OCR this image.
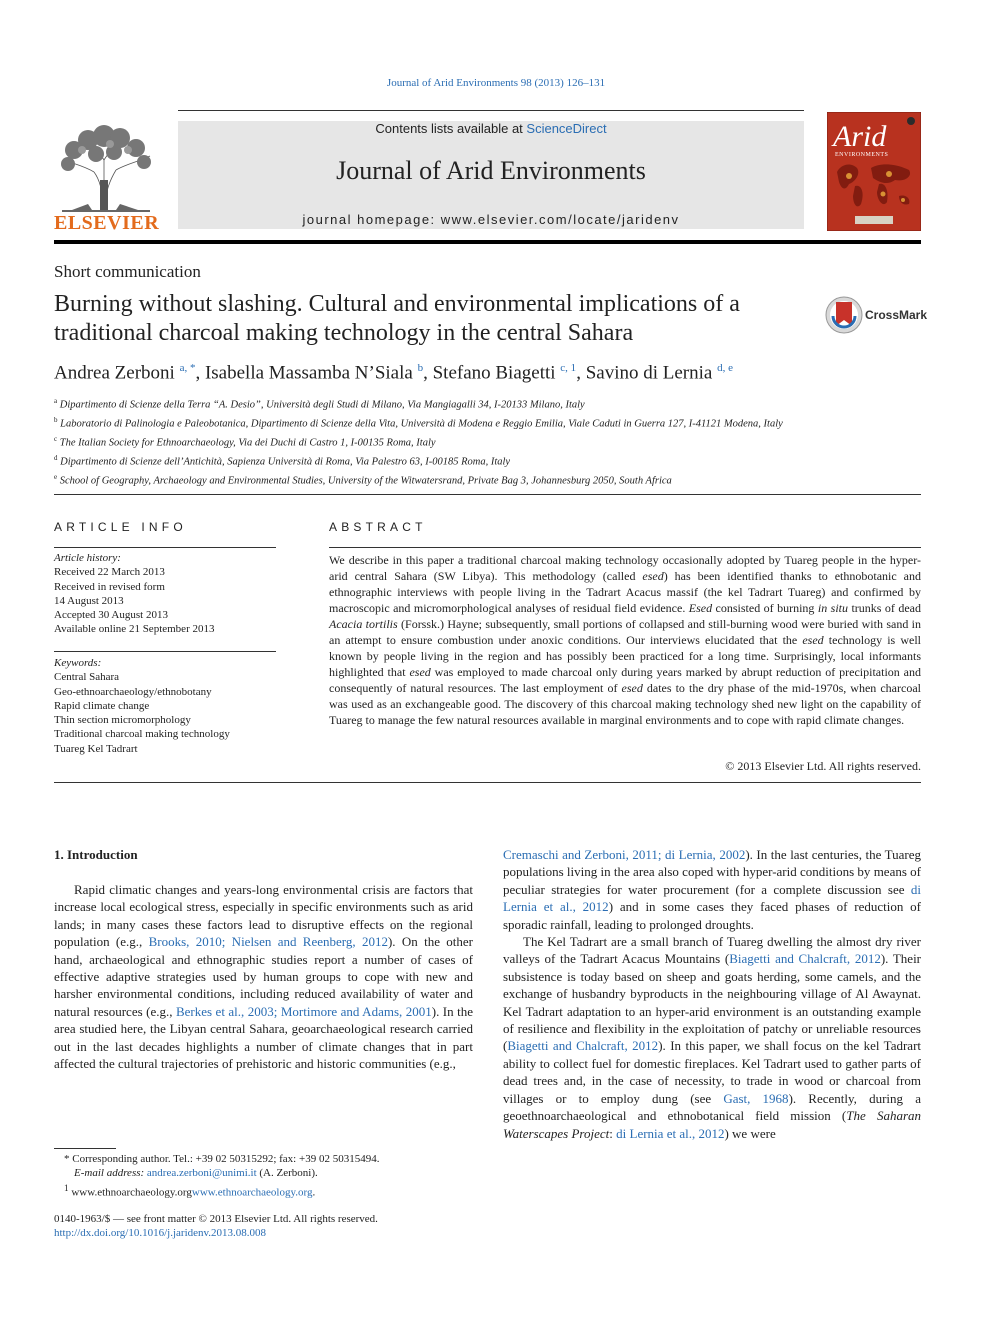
Journal of Arid Environments 98 (2013) 126–131
ELSEVIER
Contents lists available at ScienceDirect
Journal of Arid Environments
journal homepage: www.elsevier.com/locate/jaridenv
Arid
ENVIRONMENTS
Short communication
Burning without slashing. Cultural and environmental implications of a traditional charcoal making technology in the central Sahara
CrossMark
Andrea Zerboni $^{a, *}$, Isabella Massamba N’Siala $^b$, Stefano Biagetti $^{c, 1}$, Savino di Lernia $^{d, e}$
$^a$ Dipartimento di Scienze della Terra “A. Desio”, Università degli Studi di Milano, Via Mangiagalli 34, I-20133 Milano, Italy
$^b$ Laboratorio di Palinologia e Paleobotanica, Dipartimento di Scienze della Vita, Università di Modena e Reggio Emilia, Viale Caduti in Guerra 127, I-41121 Modena, Italy
$^c$ The Italian Society for Ethnoarchaeology, Via dei Duchi di Castro 1, I-00135 Roma, Italy
$^d$ Dipartimento di Scienze dell’Antichità, Sapienza Università di Roma, Via Palestro 63, I-00185 Roma, Italy
$^e$ School of Geography, Archaeology and Environmental Studies, University of the Witwatersrand, Private Bag 3, Johannesburg 2050, South Africa
ARTICLE INFO	ABSTRACT
Article history:
Received 22 March 2013
Received in revised form
14 August 2013
Accepted 30 August 2013
Available online 21 September 2013
Keywords:
Central Sahara
Geo-ethnoarchaeology/ethnobotany
Rapid climate change
Thin section micromorphology
Traditional charcoal making technology
Tuareg Kel Tadrart
We describe in this paper a traditional charcoal making technology occasionally adopted by Tuareg people in the hyper-arid central Sahara (SW Libya). This methodology (called esed) has been identified thanks to ethnobotanic and ethnographic interviews with people living in the Tadrart Acacus massif (the kel Tadrart Tuareg) and confirmed by macroscopic and micromorphological analyses of residual field evidence. Esed consisted of burning in situ trunks of dead Acacia tortilis (Forssk.) Hayne; subsequently, small portions of collapsed and still-burning wood were buried with sand in an attempt to ensure combustion under anoxic conditions. Our interviews elucidated that the esed technology is well known by people living in the region and has possibly been practiced for a long time. Surprisingly, local informants highlighted that esed was employed to made charcoal only during years marked by abrupt reduction of precipitation and consequently of natural resources. The last employment of esed dates to the dry phase of the mid-1970s, when charcoal was used as an exchangeable good. The discovery of this charcoal making technology shed new light on the capability of Tuareg to manage the few natural resources available in marginal environments and to cope with rapid climate changes.
© 2013 Elsevier Ltd. All rights reserved.
1. Introduction

Rapid climatic changes and years-long environmental crisis are factors that increase local ecological stress, especially in specific environments such as arid lands; in many cases these factors lead to disruptive effects on the regional population (e.g., Brooks, 2010; Nielsen and Reenberg, 2012). On the other hand, archaeological and ethnographic studies report a number of cases of effective adaptive strategies used by human groups to cope with new and harsher environmental conditions, including reduced availability of water and natural resources (e.g., Berkes et al., 2003; Mortimore and Adams, 2001). In the area studied here, the Libyan central Sahara, geoarchaeological research carried out in the last decades highlights a number of climate changes that in part affected the cultural trajectories of prehistoric and historic communities (e.g.,

Cremaschi and Zerboni, 2011; di Lernia, 2002). In the last centuries, the Tuareg populations living in the area also coped with hyper-arid conditions by means of peculiar strategies for water procurement (for a complete discussion see di Lernia et al., 2012) and in some cases they faced phases of reduction of sporadic rainfall, leading to prolonged droughts.

The Kel Tadrart are a small branch of Tuareg dwelling the almost dry river valleys of the Tadrart Acacus Mountains (Biagetti and Chalcraft, 2012). Their subsistence is today based on sheep and goats herding, some camels, and the exchange of husbandry byproducts in the neighbouring village of Al Awaynat. Kel Tadrart adaptation to an hyper-arid environment is an outstanding example of resilience and flexibility in the exploitation of patchy or unreliable resources (Biagetti and Chalcraft, 2012). In this paper, we shall focus on the kel Tadrart ability to collect fuel for domestic fireplaces. Kel Tadrart used to gather parts of dead trees and, in the case of necessity, to trade in wood or charcoal from villages or to employ dung (see Gast, 1968). Recently, during a geoethnoarchaeological and ethnobotanical field mission (The Saharan Waterscapes Project: di Lernia et al., 2012) we were

* Corresponding author. Tel.: +39 02 50315292; fax: +39 02 50315494.
E-mail address: andrea.zerboni@unimi.it (A. Zerboni).
$^1$ www.ethnoarchaeology.orgwww.ethnoarchaeology.org.
0140-1963/$ — see front matter © 2013 Elsevier Ltd. All rights reserved.
http://dx.doi.org/10.1016/j.jaridenv.2013.08.008
